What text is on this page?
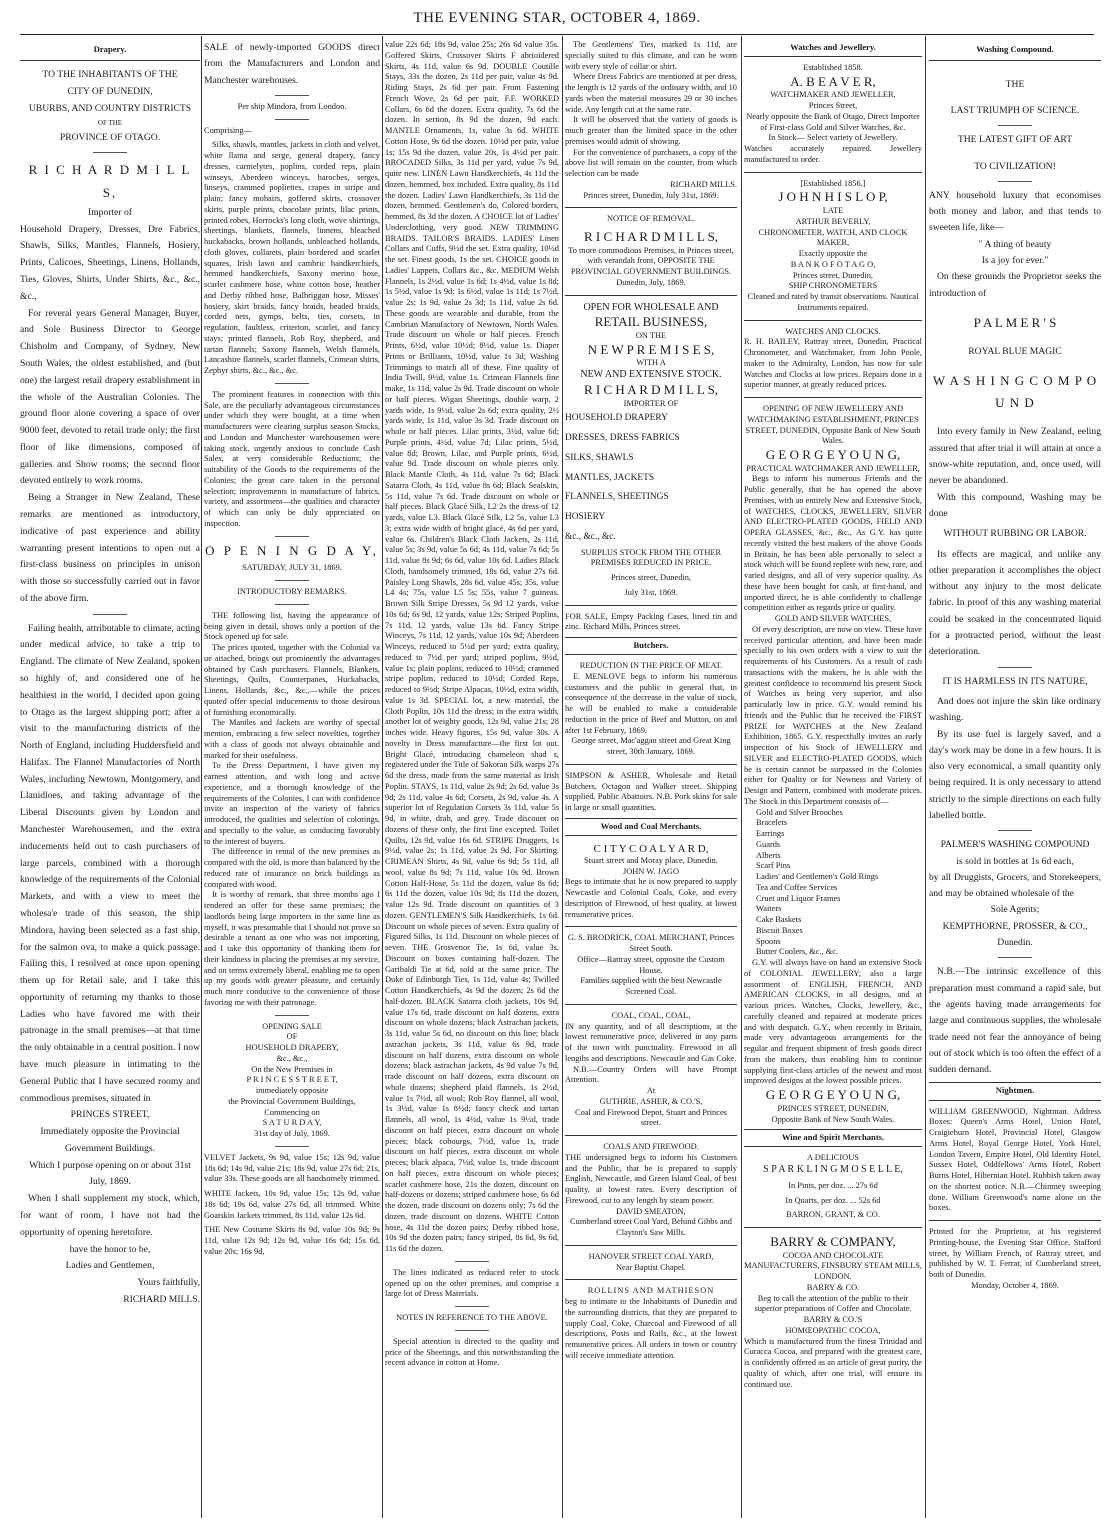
THE EVENING STAR, OCTOBER 4, 1869.
Drapery.
TO THE INHABITANTS OF THE
CITY OF DUNEDIN,
UBURBS, AND COUNTRY DISTRICTS
OF THE
PROVINCE OF OTAGO.
R I C H A R D M I L L S,
Importer of
Household Drapery, Dresses, Dre Fabrics, Shawls, Silks, Mantles, Flannels, Hosiery, Prints, Calicoes, Sheetings, Linens, Hollands, Ties, Gloves, Shirts, Under Shirts, &c., &c., &c.,
For reveral years General Manager, Buyer, and Sole Business Director to George Chisholm and Company, of Sydney, New South Wales, the oldest established, and (but one) the largest retail drapery establishment in the whole of the Australian Colonies. The ground floor alone covering a space of over 9000 feet, devoted to retail trade only; the first floor of like dimensions, composed of galleries and Show rooms; the second floor devoted entirely to work rooms.
Being a Stranger in New Zealand, These remarks are mentioned as introductory, indicative of past experience and ability warranting present intentions to open out a first-class business on principles in unison with those so successfully carried out in favor of the above firm.
Failing health, attributable to climate, acting under medical advice, to take a trip to England. The climate of New Zealand, spoken so highly of, and considered one of he healthiest in the world, I decided upon going to Otago as the largest shipping port; after a visit to the manufacturing districts of the North of England, including Huddersfield and Halifax. The Flannel Manufactories of North Wales, including Newtown, Montgomery, and Llanidloes, and taking advantage of the Liberal Discounts given by London and Manchester Warehousemen, and the extra inducements held out to cash purchasers of large parcels, combined with a thorough knowledge of the requirements of the Colonial Markets, and with a view to meet the wholesa'e trade of this season, the ship Mindora, having been selected as a fast ship, for the salmon ova, to make a quick passage. Failing this, I resolved at once upon opening them up for Retail sale, and I take this opportunity of returning my thanks to those Ladies who have favored me with their patronage in the small premises—at that time the only obtainable in a central position. I now have much pleasure in intimating to the General Public that I have secured roomy and commodious premises, situated in
PRINCES STREET,
Immediately opposite the Provincial Government Buildings.
Which I purpose opening on or about 31st July, 1869.
When I shall supplement my stock, which, for want of room, I have not had the opportunity of opening heretofore.
have the honor to be,
Ladies and Gentlemen,
Yours faithfully,
RICHARD MILLS.
SALE of newly-imported GOODS direct from the Manufacturers and London and Manchester warehouses.
Per ship Mindora, from London.
Comprising—
Silks, shawls, mantles, jackets in cloth and velvet, white llama and serge, general drapery, fancy dresses, carmelytes, poplins, corded reps, plain winseys, Aberdeen winceys, baroches, serges, linseys, crammed popliettes, crapes in stripe and plain; fancy mohairs, goffered skirts, crossover skirts, purple prints, chocolate prints, lilac prints, printed robes, Horrocks's long cloth, wove shirtings, sheetings, blankets, flannels, linnens, bleached huckabacks, brown hollands, unbleached hollands, cloth gloves, collarets, plain bordered and scarlet squares, Irish lawn and cambric handkerchiefs, hemmed handkerchiefs, Saxony merino hose, scarlet cashmere hose, white cotton hose, heather and Derby ribbed hose, Balbriggan hose, Misses' hosiery, skirt braids, fancy braids, beaded braids, corded nets, gymps, belts, ties, corsets, in regulation, faultless, criterion, scarlet, and fancy stays; printed flannels, Rob Roy, shepherd, and tartan flannels; Saxony flannels, Welsh flannels, Lancashire flannels, scarlet flannels, Crimean shirts, Zephyr shirts, &c., &c., &c.
The prominent features in connection with this Sale, are the peculiarly advantageous circumstances under which they were bought, at a time when manufacturers were clearing surplus season Stocks, and London and Manchester warehousemen were taking stock, urgently anxious to conclude Cash Sales, at very considerable Reductions; the suitability of the Goods to the requirements of the Colonies; the great care taken in the personal selection; improvements in manufacture of fabrics, variety, and assortment—the qualities and character of which can only be duly appreciated on inspection.
O P E N I N G D A Y,
SATURDAY, JULY 31, 1869.
INTRODUCTORY REMARKS.
THE following list, having the appearance of being given in detail, shows only a portion of the Stock opened up for sale.
The prices quoted, together with the Colonial va ue attached, brings out prominently the advantages obtained by Cash purchasers. Flannels, Blankets, Sheetings, Quilts, Counterpanes, Huckabacks, Linens, Hollands, &c., &c.,—while the prices quoted offer special inducements to those desirous of furnishing economically.
The Mantles and Jackets are worthy of special mention, embracing a few select novelties, together with a class of goods not always obtainable and marked for their usefulness.
To the Dress Department, I have given my earnest attention, and with long and active experience, and a thorough knowledge of the requirements of the Colonies, I can with confidence invite an inspection of the variety of fabrics introduced, the qualities and selection of colorings, and specially to the value, as conducing favorably to the interest of buyers.
The difference in rental of the new premises as compared with the old, is more than balanced by the reduced rate of insurance on brick buildings as compared with wood.
It is worthy of remark, that three months ago I tendered an offer for these same premises; the landlords being large importers in the same line as myself, it was presumable that I should not prove so desirable a tenant as one who was not importing, and I take this opportunity of thanking them for their kindness in placing the premises at my service, and on terms extremely liberal, enabling me to open up my goods with greater pleasure, and certainly much more conducive to the convenience of those favoring me with their patronage.
OPENING SALE
OF
HOUSEHOLD DRAPERY,
&c., &c.,
On the New Premises in
P R I N C E S S T R E E T,
immediately opposite
the Provincial Government Buildings,
Commencing on
S A T U R D A Y,
31st day of July, 1869.
VELVET Jackets, 9s 9d, value 15s; 12s 9d, value 18s 6d; 14s 9d, value 21s; 18s 9d, value 27s 6d; 21s, value 33s. These goods are all handsomely trimmed.
WHITE Jackets, 10s 9d, value 15s; 12s 9d, value 18s 6d; 19s 6d, value 27s 6d, all trimmed. White Goatskin Jackets trimmed, 8s 11d, value 12s 6d.
THE New Costume Skirts 8s 9d, value 10s 9d; 9s 11d, value 12s 9d; 12s 9d, value 16s 6d; 15s 6d, value 20s; 16s 9d,
value 22s 6d; 18s 9d, value 25s; 26s 6d value 35s. Goffered Skirts, Crossover Skirts F abrioidered Skirts, 4s 11d, value 6s 9d. DOUBLE Coutille Stays, 33s the dozen, 2s 11d per pair, value 4s 9d. Riding Stays, 2s 6d per pair. Front Fastening French Wove, 2s 6d per pair, F.F. WORKED Collars, 6s 6d the dozen. Extra quality, 7s 6d the dozen. In sertion, 8s 9d the dozen, 9d each. MANTLE Ornaments, 1s, value 3s 6d. WHITE Cotton Hose, 9s 6d the dozen. 10½d per pair, value 1s; 15s 9d the dozen, value 20s, 1s 4½d per pair. BROCADED Silks, 3s 11d per yard, value 7s 9d, quite new. LINEN Lawn Handkerchiefs, 4s 11d the dozen, hemmed, box included. Extra quality, 8s 11d the dozen. Ladies' Lawn Handkerchiefs, 3s 11d the dozen, hemmed. Gentlemen's do, Colored borders, hemmed, 8s 3d the dozen. A CHOICE lot of Ladies' Underclothing, very good. NEW TRIMMING BRAIDS. TAILOR'S BRAIDS. LADIES' Linen Collars and Cuffs, 9½d the set. Extra quality, 10½d the set. Finest goods, 1s the set. CHOICE goods in Ladies' Lappets, Collars &c., &c. MEDIUM Welsh Flannels, 1s 2½d, value 1s 6d; 1s 4½d, value 1s 8d; 1s 5½d, value 1s 9d; 1s 6½d, value 1s 11d; 1s 7½d, value 2s; 1s 9d, value 2s 3d; 1s 11d, value 2s 6d. These goods are wearable and durable, from the Cambrian Manufactory of Newtown, North Wales. Trade discount on whole or half pieces. French Prints, 6½d, value 10½d; 8½d, value 1s. Diaper Prints or Brilliants, 10½d, value 1s 3d; Washing Trimmings to match all of these. Fine quality of India Twill, 9½d, value 1s. Crimean Flannels fine make, 1s 11d, value 2s 9d. Trade discount on whole or half pieces. Wigan Sheetings, double warp, 2 yards wide, 1s 9½d, value 2s 6d; extra quality, 2½ yards wide, 1s 11d, value 3s 3d. Trade discount on whole or half pieces. Lilac prints, 3½d, value 6d; Purple prints, 4½d, value 7d; Lilac prints, 5½d, value 8d; Brown, Lilac, and Purple prints, 6½d, value 9d. Trade discount on whole pieces only. Black Mantle Cloth, 4s 11d, value 7s 6d; Black Satarra Cloth, 4s 11d, value 8s 6d; Black Sealskin, 5s 11d, value 7s 6d. Trade discount on whole or half pieces. Black Glacé Silk, L2 2s the dress of 12 yards, value L3. Black Glacé Silk, L2 5s, value L3 3; extra wide width of bright glacé, 4s 6d per yard, value 6s. Children's Black Cloth Jackets, 2s 11d, value 5s; 3s 9d, value 5s 6d; 4s 11d, value 7s 6d; 5s 11d, value 8s 9d; 6s 6d, value 10s 6d. Ladies Black Cloth, handsomely trimmed, 18s 6d, value 27s 6d. Paisley Long Shawls, 28s 6d, value 45s; 35s, value L4 4s; 75s, value L5 5s; 55s, value 7 guineas. Brown Silk Stripe Dresses, 5s 9d 12 yards, value 10s 6d; 6s 9d, 12 yards, value 12s; Striped Poplins, 7s 11d, 12 yards, value 13s 6d. Fancy Stripe Winceys, 7s 11d, 12 yards, value 10s 9d; Aberdeen Winceys, reduced to 5½d per yard; extra quality, reduced to 7½d per yard; striped poplins, 9½d, value 1s; plain poplins, reduced to 10½d; crammed stripe poplins, reduced to 10½d; Corded Reps, reduced to 9½d; Stripe Alpacas, 10½d, extra width, value 1s 3d. SPECIAL lot, a new material, the Cloth Poplin, 10s 11d the dress; in the extra width, another lot of weighty goods, 12s 9d, value 21s; 28 inches wide. Heavy figures, 15s 9d, value 30s. A novelty in Dress manufacture—the first lot out. Bright Glacé, introducing chameleon shad s, registered under the Title of Sakoran Silk warps 27s 6d the dress, made from the same material as Irish Poplin. STAYS, 1s 11d, value 2s 9d; 2s 6d, value 3s 9d; 2s 11d, value 4s 6d; Corsets, 2s 9d, value 4s. A superior lot of Regulation Corsets 3s 11d, value 5s 9d, in white, drab, and grey. Trade discount on dozens of these only, the first line excepted. Toilet Quilts, 12s 9d, value 16s 6d. STRIPE Druggets, 1s 9½d, value 2s; 1s 11d, value 2s 9d. For Skirting. CRIMEAN Shirts, 4s 9d, value 6s 9d; 5s 11d, all wool, value 8s 9d; 7s 11d, value 10s 9d. Brown Cotton Half-Hose, 5s 11d the dozen, value 8s 6d; 6s 11d the dozen, value 10s 9d; 8s 11d the dozen, value 12s 9d. Trade discount on quantities of 3 dozen. GENTLEMEN'S Silk Handkerchiefs, 1s 6d. Discount on whole pieces of seven. Extra quality of Figured Silks, 1s 11d. Discount on whole pieces of seven. THE Grosvenor Tie, 1s 6d, value 3s. Discount on boxes containing half-dozen. The Garibaldi Tie at 6d, sold at the same price. The Duke of Edinburgh Ties, 1s 11d, value 4s; Twilled Cotton Handkerchiefs, 4s 9d the dozen; 2s 6d the half-dozen. BLACK Satarra cloth jackets, 10s 9d, value 17s 6d, trade discount on half dozens, extra discount on whole dozens; black Astrachan jackets, 3s 11d, value 5s 6d, no discount on this line; black astrachan jackets, 3s 11d, value 6s 9d, trade discount on half dozens, extra discount on whole dozens; black astrachan jackets, 4s 9d value 7s 9d, trade discount on half dozens, extra discount on whole dozens; shepherd plaid flannels, 1s 2½d, value 1s 7½d, all wool; Rob Roy flannel, all wool, 1s 3½d, value 1s 8½d; fancy check and tartan flannels, all wool, 1s 4½d, value 1s 9½d, trade discount on half pieces, extra discount on whole pieces; black cobourgs, 7½d, value 1s, trade discount on half pieces, extra discount on whole pieces; black alpaca, 7½d, value 1s, trade discount on half pieces, extra discount on whole pieces; scarlet cashmere hose, 21s the dozen, discount on half-dozens or dozens; striped cashmere hose, 6s 6d the dozen, trade discount on dozens only; 7s 6d the dozen, trade discount on dozens. WHITE Cotton hose, 4s 11d the dozen pairs; Derby ribbed hose, 10s 9d the dozen pairs; fancy striped, 8s 6d, 9s 6d, 11s 6d the dozen.
The lines indicated as reduced refer to stock opened up on the other premises, and comprise a large lot of Dress Materials.
NOTES IN REFERENCE TO THE ABOVE.
Special attention is directed to the quality and price of the Sheetings, and this notwithstanding the recent advance in cotton at Home.
The Gentlemens' Ties, marked 1s 11d, are specially suited to this climate, and can be worn with every style of collar or shirt.
Where Dress Fabrics are mentioned at per dress, the length is 12 yards of the ordinary width, and 10 yards when the material measures 29 or 30 inches wide. Any length cut at the same rate.
It will be observed that the variety of goods is much greater than the limited space in the other premises would admit of showing.
For the convenience of purchasers, a copy of the above list will remain on the counter, from which selection can be made
RICHARD MILLS.
Princes street, Dunedin, July 31st, 1869.
NOTICE OF REMOVAL.
R I C H A R D M I L L S,
To more commodious Premises, in Princes street, with verandah front, OPPOSITE THE PROVINCIAL GOVERNMENT BUILDINGS. Dunedin, July, 1869.
OPEN FOR WHOLESALE AND
RETAIL BUSINESS,
ON THE
N E W P R E M I S E S,
WITH A
NEW AND EXTENSIVE STOCK.
R I C H A R D M I L L S,
IMPORTER OF
HOUSEHOLD DRAPERY
DRESSES, DRESS FABRICS
SILKS, SHAWLS
MANTLES, JACKETS
FLANNELS, SHEETINGS
HOSIERY
&c., &c., &c.
SURPLUS STOCK FROM THE OTHER PREMISES REDUCED IN PRICE.
Princes street, Dunedin,
July 31st, 1869.
FOR SALE, Empty Packing Cases, lined tin and zinc. Richard Mills, Princes street.
Butchers.
REDUCTION IN THE PRICE OF MEAT.
E. MENLOVE begs to inform his numerous customers and the public in general that, in consequence of the decrease in the value of stock, he will be enabled to make a considerable reduction in the price of Beef and Mutton, on and after 1st February, 1869.
George street, Mac'aggan street and Great King street, 30th January, 1869.
SIMPSON & ASHER, Wholesale and Retail Butchers, Octagon and Walker street. Shipping supplied. Public Abattoirs. N.B. Pork skins for sale in large or small quantities.
Wood and Coal Merchants.
C I T Y C O A L Y A R D,
Stuart street and Moray place, Dunedin.
JOHN W. JAGO
Begs to intimate that he is now prepared to supply Newcastle and Colonial Coals, Coke, and every description of Firewood, of best quality, at lowest remunerative prices.
G. S. BRODRICK, COAL MERCHANT, Princes Street South.
Office—Rattray street, opposite the Custom House.
Families supplied with the best Newcastle Screened Coal.
COAL, COAL, COAL,
IN any quantity, and of all descriptions, at the lowest remunerative price, delivered in any parts of the town with punctuality. Firewood in all lengths and descriptions. Newcastle and Gas Coke.
N.B.—Country Orders will have Prompt Attention.
At
GUTHRIE, ASHER, & CO.'S,
Coal and Firewood Depot, Stuart and Princes street.
COALS AND FIREWOOD.
THE undersigned begs to inform his Customers and the Public, that he is prepared to supply English, Newcastle, and Green Island Coal, of best quality, at lowest rates. Every description of Firewood, cut to any length by steam power.
DAVID SMEATON,
Cumberland street Coal Yard, Behind Gibbs and Clayton's Saw Mills.
HANOVER STREET COAL YARD,
Near Baptist Chapel.
ROLLINS AND MATHIESON
beg to intimate to the Inhabitants of Dunedin and the surrounding districts, that they are prepared to supply Coal, Coke, Charcoal and Firewood of all descriptions, Posts and Rails, &c., at the lowest remunerative prices. All orders in town or country will receive immediate attention.
Watches and Jewellery.
Established 1858.
A. B E A V E R,
WATCHMAKER AND JEWELLER,
Princes Street,
Nearly opposite the Bank of Otago, Direct Importer of First-class Gold and Silver Watches, &c.
In Stock— Select variety of Jewellery.
Watches accurately repaired. Jewellery manufactured to order.
[Established 1856.]
J O H N H I S L O P,
LATE
ARTHUR BEVERLY,
CHRONOMETER, WATCH, AND CLOCK MAKER,
Exactly opposite the
B A N K O F O T A G O,
Princes street, Dunedin,
SHIP CHRONOMETERS
Cleaned and rated by transit observations. Nautical Instruments repaired.
WATCHES AND CLOCKS.
R. H. BAILEY, Rattray street, Dunedin, Practical Chronometer, and Watchmaker, from John Poole, maker to the Admiralty, London, has now for sale Watches and Clocks at low prices. Repairs done in a superior manner, at greatly reduced prices.
OPENING OF NEW JEWELLERY AND WATCHMAKING ESTABLISHMENT, PRINCES STREET, DUNEDIN, Opposite Bank of New South Wales.
G E O R G E Y O U N G,
PRACTICAL WATCHMAKER AND JEWELLER,
Begs to inform his numerous Friends and the Public generally, that he has opened the above Premises, with an entirely New and Extensive Stock, of WATCHES, CLOCKS, JEWELLERY, SILVER AND ELECTRO-PLATED GOODS, FIELD AND OPERA GLASSES, &c., &c., As G.Y. has quite recently visited the best makers of the above Goods in Britain, he has been able personally to select a stock which will be found replete with new, rare, and varied designs, and all of very superior quality. As these have been bought for cash, at first-hand, and imported direct, he is able confidently to challenge competition either as regards price or quality.
GOLD AND SILVER WATCHES,
Of every description, are now on view. These have received particular attention, and have been made specially to his own orders with a view to suit the requirements of his Customers. As a result of cash transactions with the makers, he is able with the greatest confidence to recommend his present Stock of Watches as being very superior, and also particularly low in price. G.Y. would remind his friends and the Public that he received the FIRST PRIZE for WATCHES at the New Zealand Exhibition, 1865. G.Y. respectfully invites an early inspection of his Stock of JEWELLERY and SILVER and ELECTRO-PLATED GOODS, which he is certain cannot be surpassed in the Colonies either for Quality or for Newness and Variety of Design and Pattern, combined with moderate prices. The Stock in this Department consists of—
Gold and Silver Brooches
Bracelets
Earrings
Guards
Alberts
Scarf Pins
Ladies' and Gentlemen's Gold Rings
Tea and Coffee Services
Cruet and Liquor Frames
Waiters
Cake Baskets
Biscuit Boxes
Spoons
Butter Coolers, &c., &c.
G.Y. will always have on hand an extensive Stock of COLONIAL JEWELLERY; also a large assortment of ENGLISH, FRENCH, AND AMERICAN CLOCKS, in all designs, and at various prices. Watches, Clocks, Jewellery, &c., carefully cleaned and repaired at moderate prices and with despatch. G.Y., when recently in Britain, made very advantageous arrangements for the regular and frequent shipment of fresh goods direct from the makers, thus enabling him to continue supplying first-class articles of the newest and most improved designs at the lowest possible prices.
G E O R G E Y O U N G,
PRINCES STREET, DUNEDIN,
Opposite Bank of New South Wales.
Wine and Spirit Merchants.
A DELICIOUS
S P A R K L I N G M O S E L L E,
In Pints, per doz. ... 27s 6d
In Quarts, per doz. ... 52s 6d
BARRON, GRANT, & CO.
BARRY & COMPANY,
COCOA AND CHOCOLATE MANUFACTURERS, FINSBURY STEAM MILLS, LONDON.
BARRY & CO.
Beg to call the attention of the public to their superior preparations of Coffee and Chocolate.
BARRY & CO.'S
HOMŒOPATHIC COCOA,
Which is manufactured from the finest Trinidad and Curacca Cocoa, and prepared with the greatest care, is confidently offered as an article of great purity, the quality of which, after one trial, will ensure its continued use.
Washing Compound.
THE
LAST TRIUMPH OF SCIENCE.
THE LATEST GIFT OF ART
TO CIVILIZATION!
ANY household luxury that economises both money and labor, and that tends to sweeten life, like—
" A thing of beauty
Is a joy for ever."
On these grounds the Proprietor seeks the introduction of
P A L M E R ' S
ROYAL BLUE MAGIC
W A S H I N G C O M P O U N D
Into every family in New Zealand, eeling assured that after trial it will attain at once a snow-white reputation, and, once used, will never be abandoned.
With this compound, Washing may be done
WITHOUT RUBBING OR LABOR.
Its effects are magical, and unlike any other preparation it accomplishes the object without any injury to the most delicate fabric. In proof of this any washing material could be soaked in the concentrated liquid for a protracted period, without the least deterioration.
IT IS HARMLESS IN ITS NATURE,
And does not injure the skin like ordinary washing.
By its use fuel is largely saved, and a day's work may be done in a few hours. It is also very economical, a small quantity only being required. It is only necessary to attend strictly to the simple directions on each fully labelled bottle.
PALMER'S WASHING COMPOUND
is sold in bottles at 1s 6d each,
by all Druggists, Grocers, and Storekeepers, and may be obtained wholesale of the
Sole Agents;
KEMPTHORNE, PROSSER, & CO.,
Dunedin.
N.B.—The intrinsic excellence of this preparation must command a rapid sale, but the agents having made arrangements for large and continuous supplies, the wholesale trade need not fear the annoyance of being out of stock which is too often the effect of a sudden demand.
Nightmen.
WILLIAM GREENWOOD, Nightman. Address Boxes: Queen's Arms Hotel, Union Hotel, Craigieburn Hotel, Provincial Hotel, Glasgow Arms Hotel, Royal George Hotel, York Hotel, London Tavern, Empire Hotel, Old Identity Hotel, Sussex Hotel, Oddfellows' Arms Hotel, Robert Burns Hotel, Hibernian Hotel. Rubbish taken away on the shortest notice. N.B.—Chimney sweeping done. William Greenwood's name alone on the boxes.
Printed for the Proprietor, at his registered Printing-house, the Evening Star Office, Stafford street, by William French, of Rattray street, and published by W. T. Ferrar, of Cumberland street, both of Dunedin.
Monday, October 4, 1869.
